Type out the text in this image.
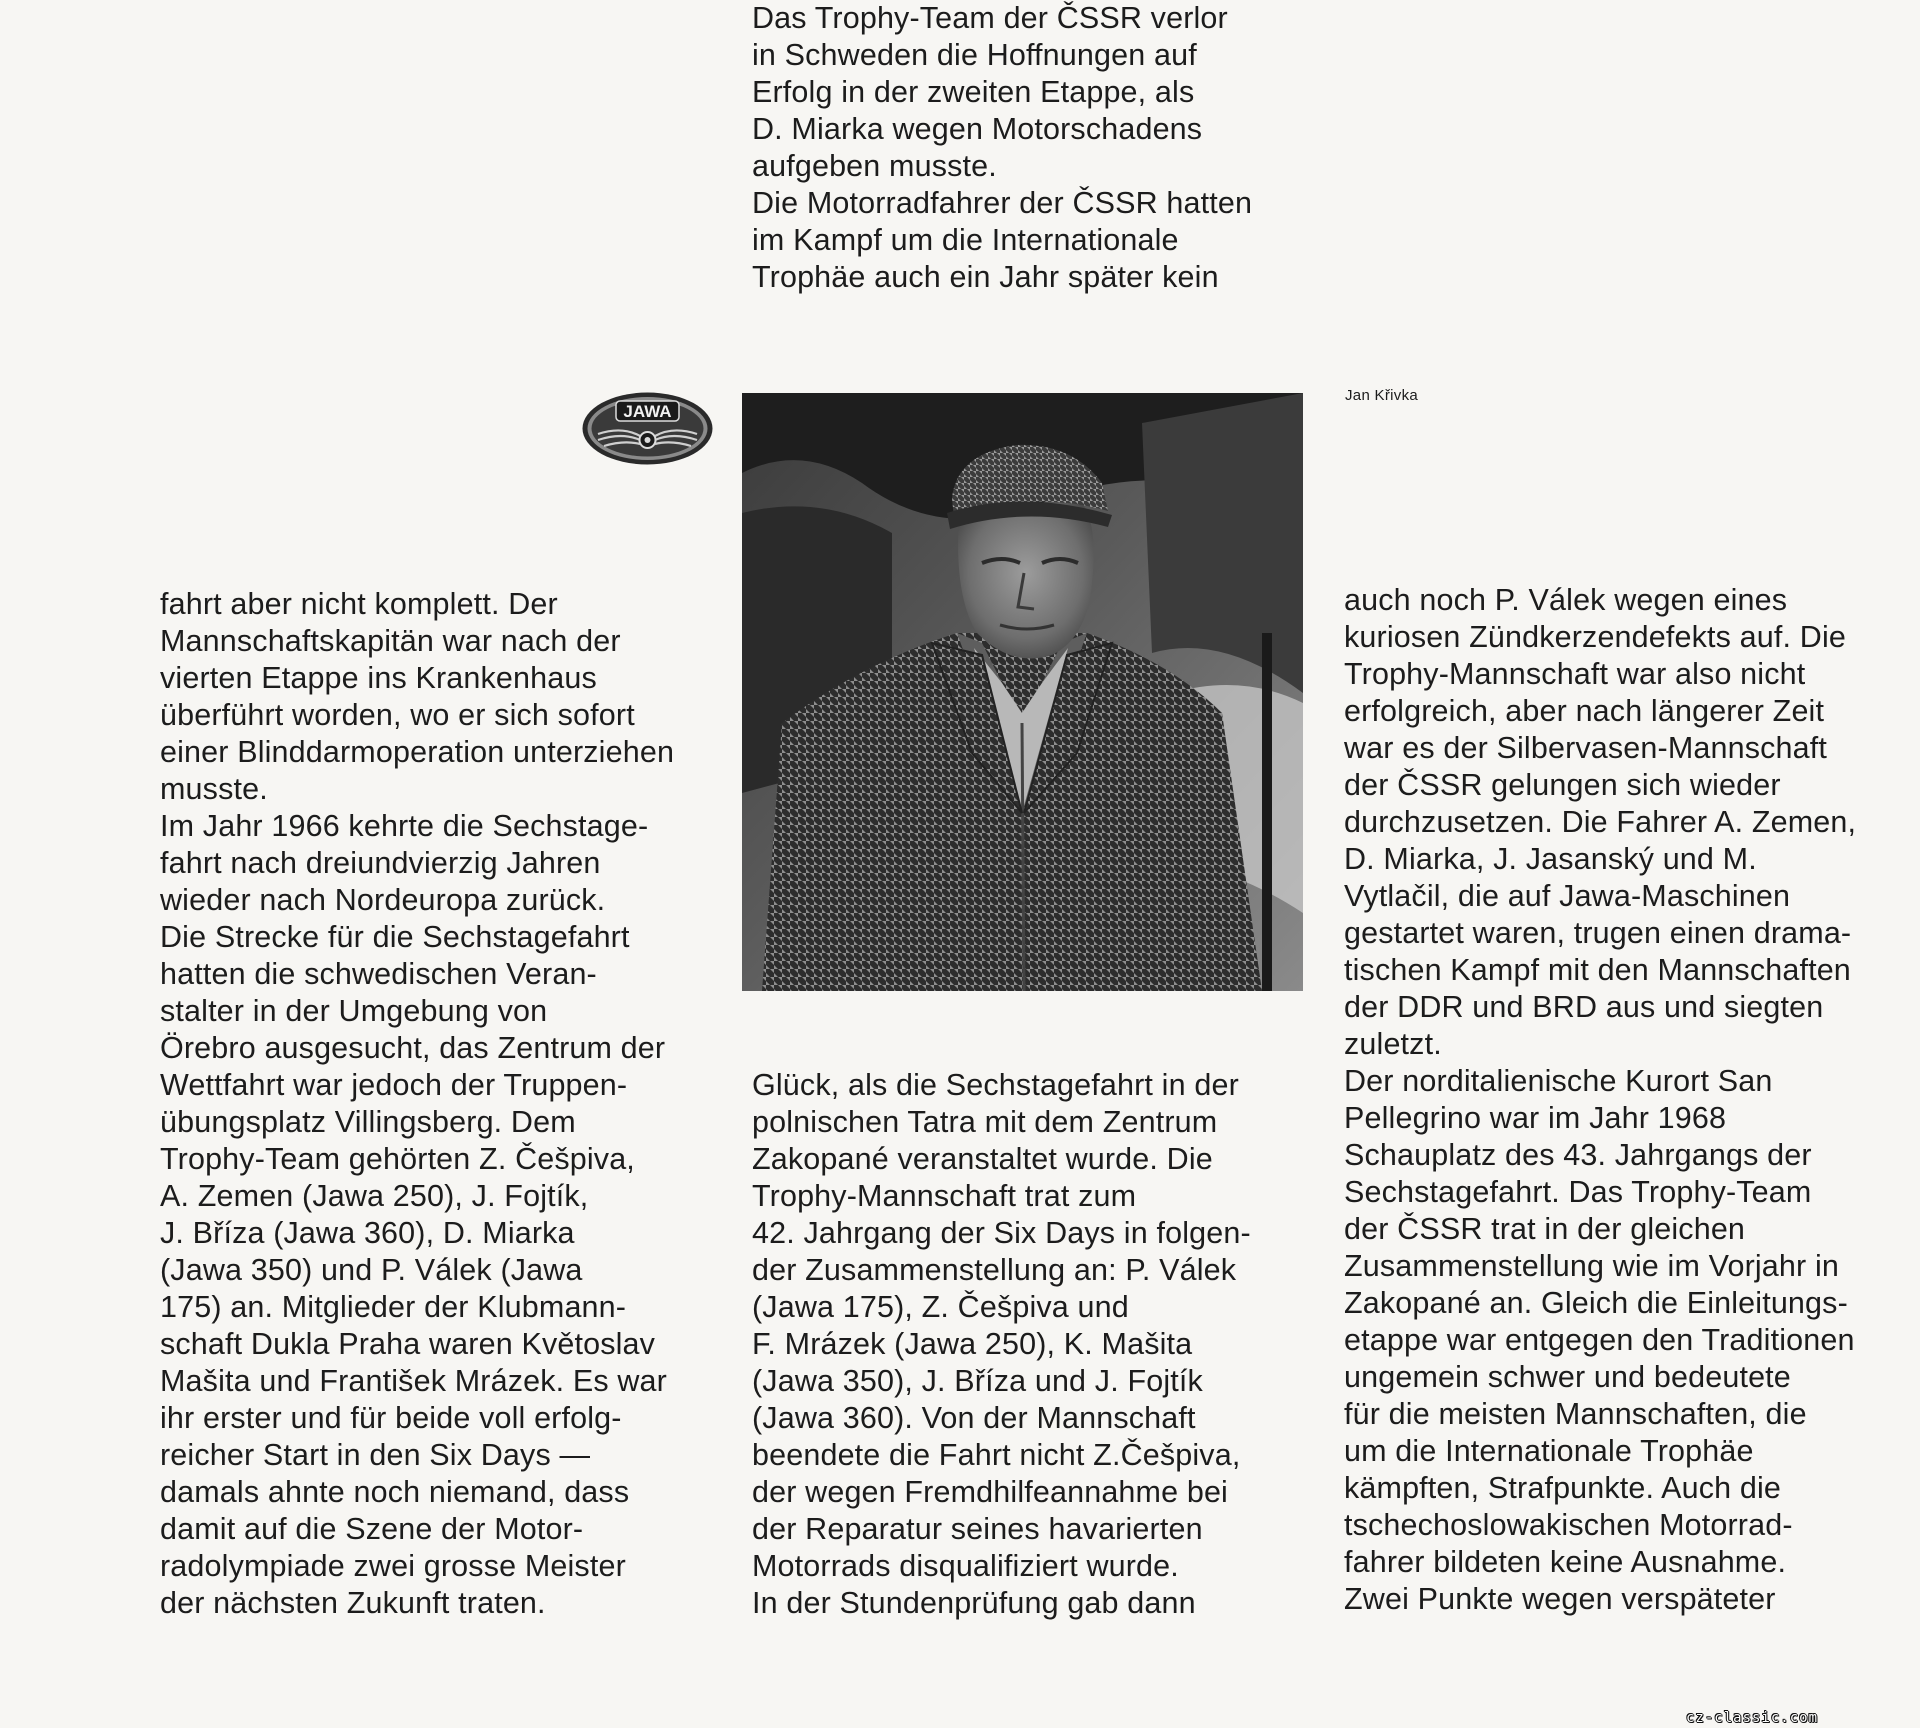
Das Trophy-Team der ČSSR verlor
in Schweden die Hoffnungen auf
Erfolg in der zweiten Etappe, als
D. Miarka wegen Motorschadens
aufgeben musste.
Die Motorradfahrer der ČSSR hatten
im Kampf um die Internationale
Trophäe auch ein Jahr später kein
JAWA
Jan Křivka
fahrt aber nicht komplett. Der
Mannschaftskapitän war nach der
vierten Etappe ins Krankenhaus
überführt worden, wo er sich sofort
einer Blinddarmoperation unterziehen
musste.
Im Jahr 1966 kehrte die Sechstage-
fahrt nach dreiundvierzig Jahren
wieder nach Nordeuropa zurück.
Die Strecke für die Sechstagefahrt
hatten die schwedischen Veran-
stalter in der Umgebung von
Örebro ausgesucht, das Zentrum der
Wettfahrt war jedoch der Truppen-
übungsplatz Villingsberg. Dem
Trophy-Team gehörten Z. Češpiva,
A. Zemen (Jawa 250), J. Fojtík,
J. Bříza (Jawa 360), D. Miarka
(Jawa 350) und P. Válek (Jawa
175) an. Mitglieder der Klubmann-
schaft Dukla Praha waren Květoslav
Mašita und František Mrázek. Es war
ihr erster und für beide voll erfolg-
reicher Start in den Six Days —
damals ahnte noch niemand, dass
damit auf die Szene der Motor-
radolympiade zwei grosse Meister
der nächsten Zukunft traten.
Glück, als die Sechstagefahrt in der
polnischen Tatra mit dem Zentrum
Zakopané veranstaltet wurde. Die
Trophy-Mannschaft trat zum
42. Jahrgang der Six Days in folgen-
der Zusammenstellung an: P. Válek
(Jawa 175), Z. Češpiva und
F. Mrázek (Jawa 250), K. Mašita
(Jawa 350), J. Bříza und J. Fojtík
(Jawa 360). Von der Mannschaft
beendete die Fahrt nicht Z.Češpiva,
der wegen Fremdhilfeannahme bei
der Reparatur seines havarierten
Motorrads disqualifiziert wurde.
In der Stundenprüfung gab dann
auch noch P. Válek wegen eines
kuriosen Zündkerzendefekts auf. Die
Trophy-Mannschaft war also nicht
erfolgreich, aber nach längerer Zeit
war es der Silbervasen-Mannschaft
der ČSSR gelungen sich wieder
durchzusetzen. Die Fahrer A. Zemen,
D. Miarka, J. Jasanský und M.
Vytlačil, die auf Jawa-Maschinen
gestartet waren, trugen einen drama-
tischen Kampf mit den Mannschaften
der DDR und BRD aus und siegten
zuletzt.
Der norditalienische Kurort San
Pellegrino war im Jahr 1968
Schauplatz des 43. Jahrgangs der
Sechstagefahrt. Das Trophy-Team
der ČSSR trat in der gleichen
Zusammenstellung wie im Vorjahr in
Zakopané an. Gleich die Einleitungs-
etappe war entgegen den Traditionen
ungemein schwer und bedeutete
für die meisten Mannschaften, die
um die Internationale Trophäe
kämpften, Strafpunkte. Auch die
tschechoslowakischen Motorrad-
fahrer bildeten keine Ausnahme.
Zwei Punkte wegen verspäteter
cz-classic.com
